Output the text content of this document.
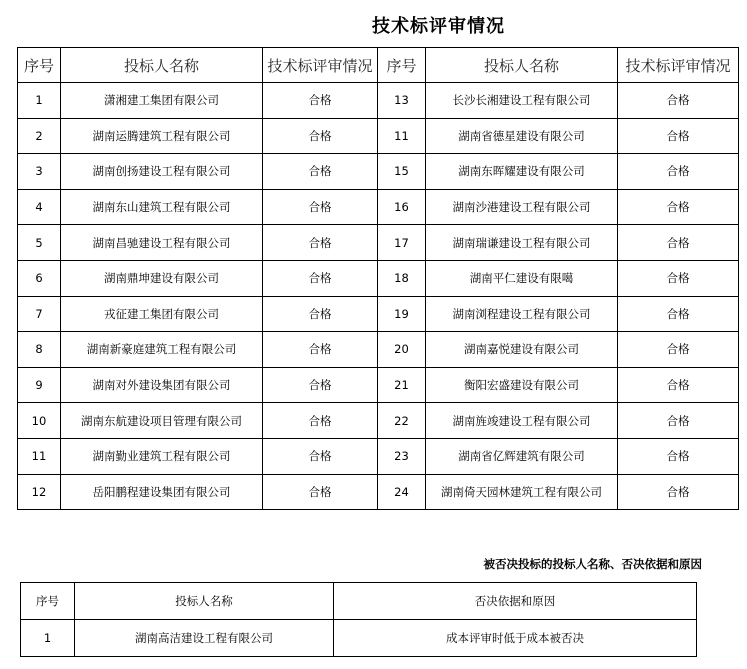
技术标评审情况
序号	投标人名称	技术标评审情况	序号	投标人名称	技术标评审情况
1	潇湘建工集团有限公司	合格	13	长沙长湘建设工程有限公司	合格
2	湖南运腾建筑工程有限公司	合格	11	湖南省德星建设有限公司	合格
3	湖南创扬建设工程有限公司	合格	15	湖南东晖耀建设有限公司	合格
4	湖南东山建筑工程有限公司	合格	16	湖南沙港建设工程有限公司	合格
5	湖南昌驰建设工程有限公司	合格	17	湖南瑞谦建设工程有限公司	合格
6	湖南鼎坤建设有限公司	合格	18	湖南平仁建设有限噶	合格
7	戎征建工集团有限公司	合格	19	湖南浏程建设工程有限公司	合格
8	湖南新豪庭建筑工程有限公司	合格	20	湖南嘉悦建设有限公司	合格
9	湖南对外建设集团有限公司	合格	21	衡阳宏盛建设有限公司	合格
10	湖南东航建设项目管理有限公司	合格	22	湖南旌竣建设工程有限公司	合格
11	湖南勤业建筑工程有限公司	合格	23	湖南省亿辉建筑有限公司	合格
12	岳阳鹏程建设集团有限公司	合格	24	湖南倚天园林建筑工程有限公司	合格
被否决投标的投标人名称、否决依据和原因
序号	投标人名称	否决依据和原因
1	湖南高洁建设工程有限公司	成本评审时低于成本被否决
